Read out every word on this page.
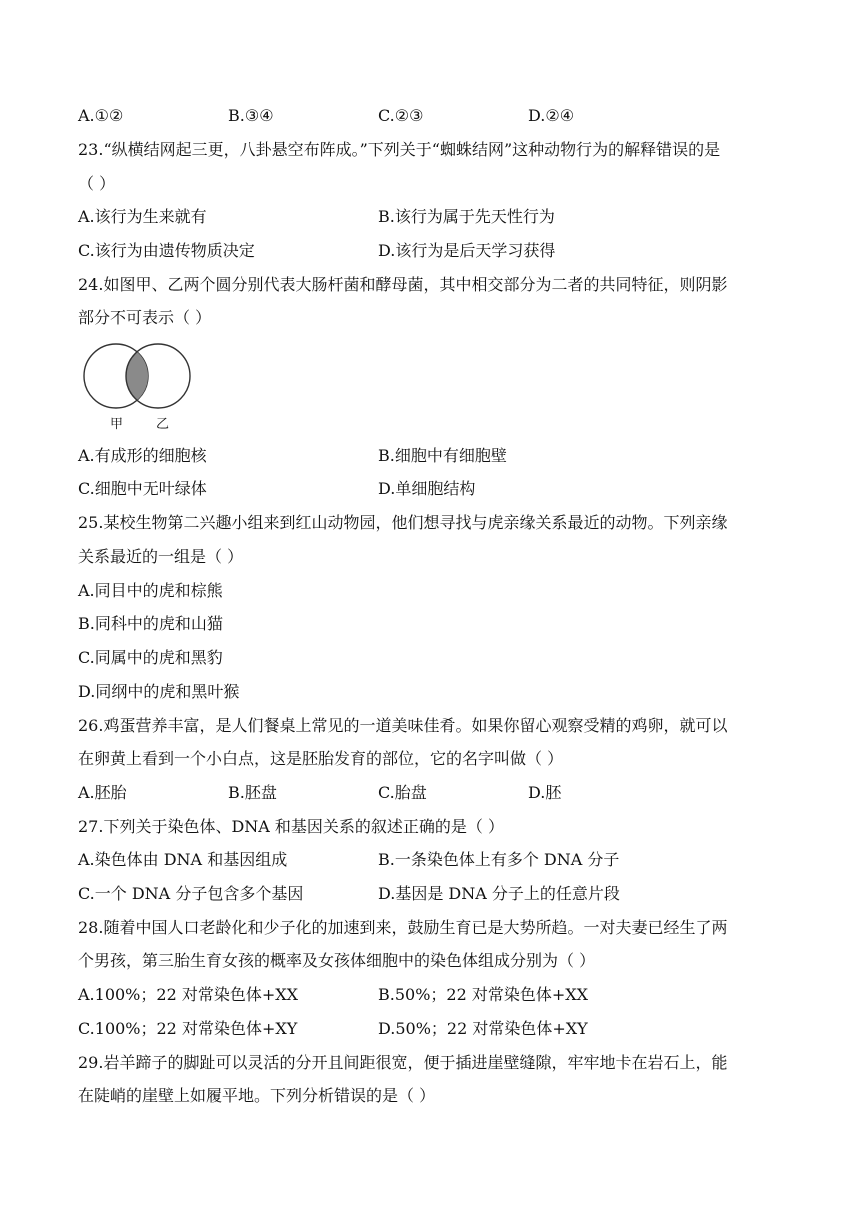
A.①②	B.③④	C.②③	D.②④
23.“纵横结网起三更，八卦悬空布阵成。”下列关于“蜘蛛结网”这种动物行为的解释错误的是
（ ）
A.该行为生来就有	B.该行为属于先天性行为
C.该行为由遗传物质决定	D.该行为是后天学习获得
24.如图甲、乙两个圆分别代表大肠杆菌和酵母菌，其中相交部分为二者的共同特征，则阴影
部分不可表示（ ）
甲	乙
A.有成形的细胞核	B.细胞中有细胞壁
C.细胞中无叶绿体	D.单细胞结构
25.某校生物第二兴趣小组来到红山动物园，他们想寻找与虎亲缘关系最近的动物。下列亲缘
关系最近的一组是（ ）
A.同目中的虎和棕熊
B.同科中的虎和山猫
C.同属中的虎和黑豹
D.同纲中的虎和黑叶猴
26.鸡蛋营养丰富，是人们餐桌上常见的一道美味佳肴。如果你留心观察受精的鸡卵，就可以
在卵黄上看到一个小白点，这是胚胎发育的部位，它的名字叫做（ ）
A.胚胎	B.胚盘	C.胎盘	D.胚
27.下列关于染色体、DNA 和基因关系的叙述正确的是（ ）
A.染色体由 DNA 和基因组成	B.一条染色体上有多个 DNA 分子
C.一个 DNA 分子包含多个基因	D.基因是 DNA 分子上的任意片段
28.随着中国人口老龄化和少子化的加速到来，鼓励生育已是大势所趋。一对夫妻已经生了两
个男孩，第三胎生育女孩的概率及女孩体细胞中的染色体组成分别为（ ）
A.100%；22 对常染色体+XX	B.50%；22 对常染色体+XX
C.100%；22 对常染色体+XY	D.50%；22 对常染色体+XY
29.岩羊蹄子的脚趾可以灵活的分开且间距很宽，便于插进崖壁缝隙，牢牢地卡在岩石上，能
在陡峭的崖壁上如履平地。下列分析错误的是（ ）
